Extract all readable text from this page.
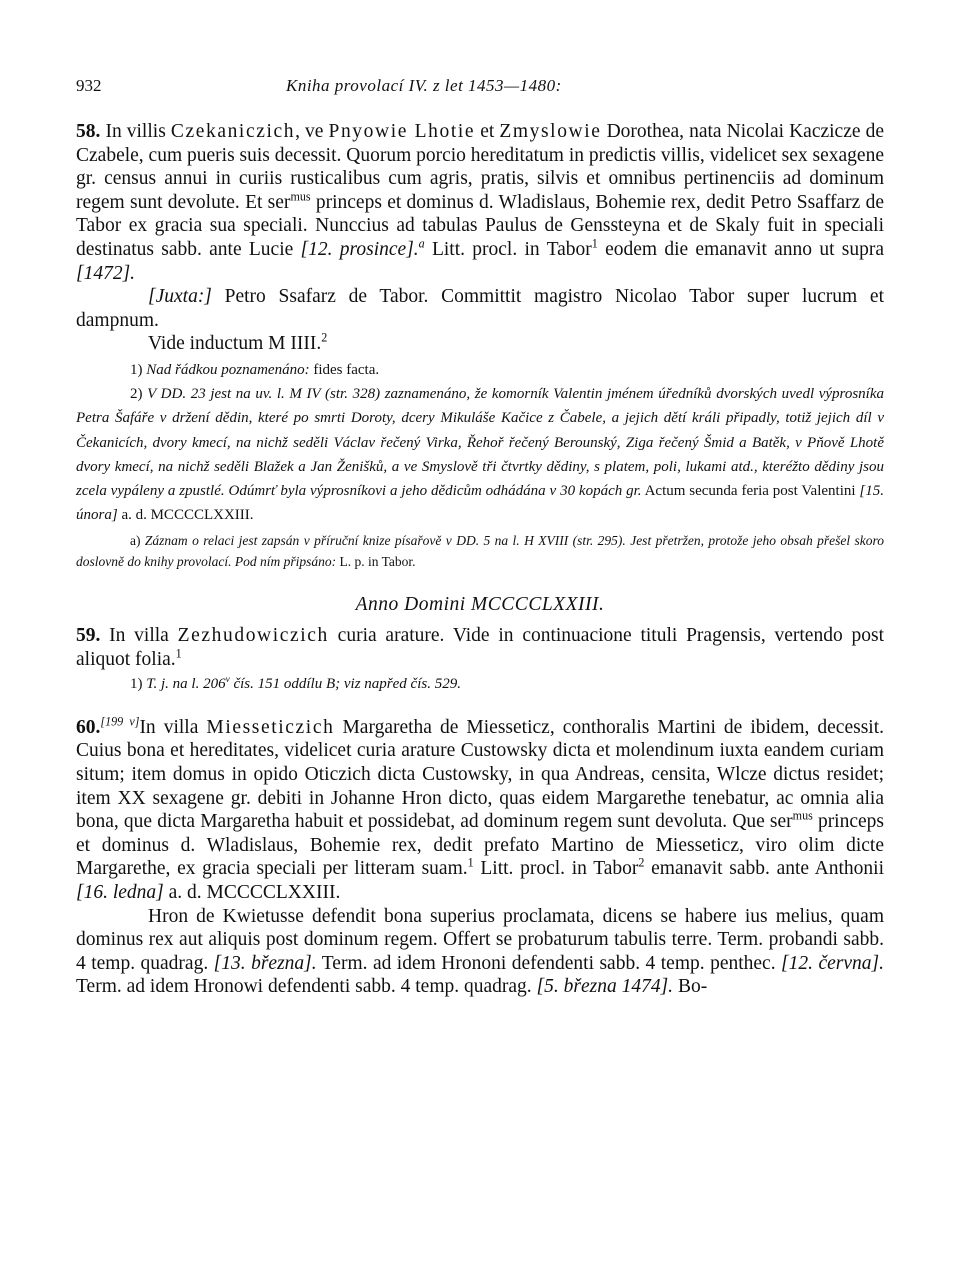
932	Kniha provolací IV. z let 1453—1480:

58. In villis Czekaniczich, ve Pnyowie Lhotie et Zmyslowie Dorothea, nata Nicolai Kaczicze de Czabele, cum pueris suis decessit. Quorum porcio hereditatum in predictis villis, videlicet sex sexagene gr. census annui in curiis rusticalibus cum agris, pratis, silvis et omnibus pertinenciis ad dominum regem sunt devolute. Et ser$^{mus}$ princeps et dominus d. Wladislaus, Bohemie rex, dedit Petro Ssaffarz de Tabor ex gracia sua speciali. Nunccius ad tabulas Paulus de Genssteyna et de Skaly fuit in speciali destinatus sabb. ante Lucie [12. prosince].$^a$ Litt. procl. in Tabor$^1$ eodem die emanavit anno ut supra [1472].

[Juxta:] Petro Ssafarz de Tabor. Committit magistro Nicolao Tabor super lucrum et dampnum.

Vide inductum M IIII.$^2$

1) Nad řádkou poznamenáno: fides facta.

2) V DD. 23 jest na uv. l. M IV (str. 328) zaznamenáno, že komorník Valentin jménem úředníků dvorských uvedl výprosníka Petra Šafáře v držení dědin, které po smrti Doroty, dcery Mikuláše Kačice z Čabele, a jejich dětí králi připadly, totiž jejich díl v Čekanicích, dvory kmecí, na nichž seděli Václav řečený Virka, Řehoř řečený Berounský, Ziga řečený Šmid a Batěk, v Pňově Lhotě dvory kmecí, na nichž seděli Blažek a Jan Ženišků, a ve Smyslově tři čtvrtky dědiny, s platem, poli, lukami atd., kteréžto dědiny jsou zcela vypáleny a zpustlé. Odúmrť byla výprosníkovi a jeho dědicům odhádána v 30 kopách gr. Actum secunda feria post Valentini [15. února] a. d. MCCCCLXXIII.

a) Záznam o relaci jest zapsán v příruční knize písařově v DD. 5 na l. H XVIII (str. 295). Jest přetržen, protože jeho obsah přešel skoro doslovně do knihy provolací. Pod ním připsáno: L. p. in Tabor.

Anno Domini MCCCCLXXIII.

59. In villa Zezhudowiczich curia arature. Vide in continuacione tituli Pragensis, vertendo post aliquot folia.$^1$

1) T. j. na l. 206$^v$ čís. 151 oddílu B; viz napřed čís. 529.

60.[199 v]In villa Miesseticzich Margaretha de Miesseticz, conthoralis Martini de ibidem, decessit. Cuius bona et hereditates, videlicet curia arature Custowsky dicta et molendinum iuxta eandem curiam situm; item domus in opido Oticzich dicta Custowsky, in qua Andreas, censita, Wlcze dictus residet; item XX sexagene gr. debiti in Johanne Hron dicto, quas eidem Margarethe tenebatur, ac omnia alia bona, que dicta Margaretha habuit et possidebat, ad dominum regem sunt devoluta. Que ser$^{mus}$ princeps et dominus d. Wladislaus, Bohemie rex, dedit prefato Martino de Miesseticz, viro olim dicte Margarethe, ex gracia speciali per litteram suam.$^1$ Litt. procl. in Tabor$^2$ emanavit sabb. ante Anthonii [16. ledna] a. d. MCCCCLXXIII.

Hron de Kwietusse defendit bona superius proclamata, dicens se habere ius melius, quam dominus rex aut aliquis post dominum regem. Offert se probaturum tabulis terre. Term. probandi sabb. 4 temp. quadrag. [13. března]. Term. ad idem Hrononi defendenti sabb. 4 temp. penthec. [12. června]. Term. ad idem Hronowi defendenti sabb. 4 temp. quadrag. [5. března 1474]. Bo-
